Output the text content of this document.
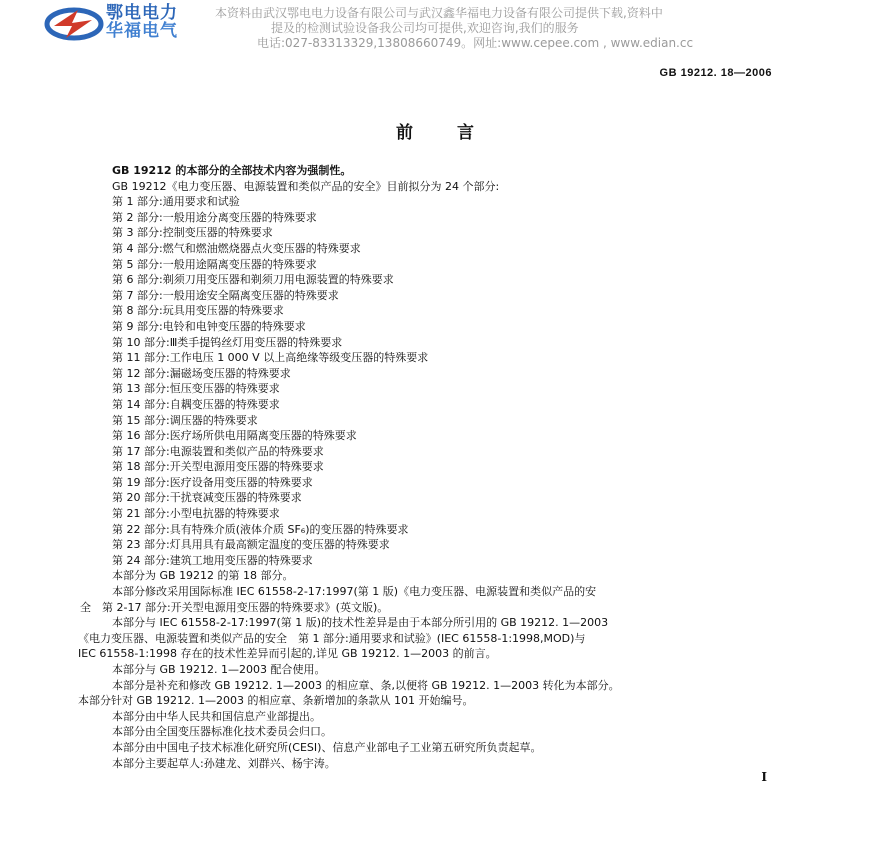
鄂电电力
华福电气

本资料由武汉鄂电电力设备有限公司与武汉鑫华福电力设备有限公司提供下载,资料中

提及的检测试验设备我公司均可提供,欢迎咨询,我们的服务

电话:027-83313329,13808660749。网址:www.cepee.com , www.edian.cc

GB 19212. 18—2006
前言

GB 19212 的本部分的全部技术内容为强制性。

GB 19212《电力变压器、电源装置和类似产品的安全》目前拟分为 24 个部分:

第 1 部分:通用要求和试验

第 2 部分:一般用途分离变压器的特殊要求

第 3 部分:控制变压器的特殊要求

第 4 部分:燃气和燃油燃烧器点火变压器的特殊要求

第 5 部分:一般用途隔离变压器的特殊要求

第 6 部分:剃须刀用变压器和剃须刀用电源装置的特殊要求

第 7 部分:一般用途安全隔离变压器的特殊要求

第 8 部分:玩具用变压器的特殊要求

第 9 部分:电铃和电钟变压器的特殊要求

第 10 部分:Ⅲ类手提钨丝灯用变压器的特殊要求

第 11 部分:工作电压 1 000 V 以上高绝缘等级变压器的特殊要求

第 12 部分:漏磁场变压器的特殊要求

第 13 部分:恒压变压器的特殊要求

第 14 部分:自耦变压器的特殊要求

第 15 部分:调压器的特殊要求

第 16 部分:医疗场所供电用隔离变压器的特殊要求

第 17 部分:电源装置和类似产品的特殊要求

第 18 部分:开关型电源用变压器的特殊要求

第 19 部分:医疗设备用变压器的特殊要求

第 20 部分:干扰衰减变压器的特殊要求

第 21 部分:小型电抗器的特殊要求

第 22 部分:具有特殊介质(液体介质 SF₆)的变压器的特殊要求

第 23 部分:灯具用具有最高额定温度的变压器的特殊要求

第 24 部分:建筑工地用变压器的特殊要求

本部分为 GB 19212 的第 18 部分。

本部分修改采用国际标准 IEC 61558-2-17:1997(第 1 版)《电力变压器、电源装置和类似产品的安

全　第 2-17 部分:开关型电源用变压器的特殊要求》(英文版)。

本部分与 IEC 61558-2-17:1997(第 1 版)的技术性差异是由于本部分所引用的 GB 19212. 1—2003

《电力变压器、电源装置和类似产品的安全　第 1 部分:通用要求和试验》(IEC 61558-1:1998,MOD)与

IEC 61558-1:1998 存在的技术性差异而引起的,详见 GB 19212. 1—2003 的前言。

本部分与 GB 19212. 1—2003 配合使用。

本部分是补充和修改 GB 19212. 1—2003 的相应章、条,以便将 GB 19212. 1—2003 转化为本部分。

本部分针对 GB 19212. 1—2003 的相应章、条新增加的条款从 101 开始编号。

本部分由中华人民共和国信息产业部提出。

本部分由全国变压器标准化技术委员会归口。

本部分由中国电子技术标准化研究所(CESI)、信息产业部电子工业第五研究所负责起草。

本部分主要起草人:孙建龙、刘群兴、杨宇涛。

I
